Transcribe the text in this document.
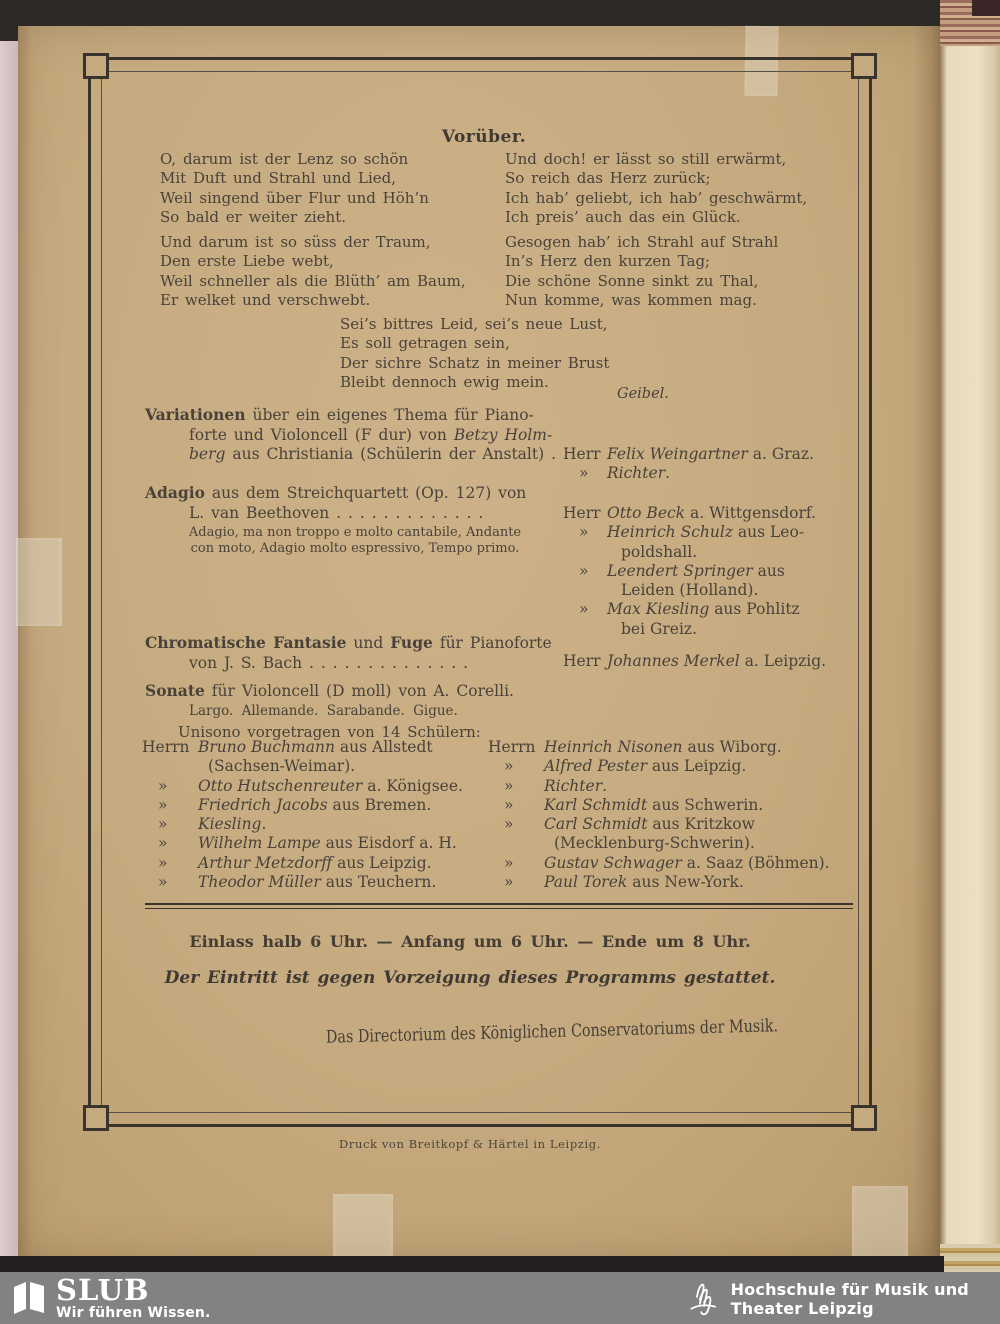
Vorüber.
O, darum ist der Lenz so schön
Mit Duft und Strahl und Lied,
Weil singend über Flur und Höh’n
So bald er weiter zieht.
Und darum ist so süss der Traum,
Den erste Liebe webt,
Weil schneller als die Blüth’ am Baum,
Er welket und verschwebt.
Und doch! er lässt so still erwärmt,
So reich das Herz zurück;
Ich hab’ geliebt, ich hab’ geschwärmt,
Ich preis’ auch das ein Glück.
Gesogen hab’ ich Strahl auf Strahl
In’s Herz den kurzen Tag;
Die schöne Sonne sinkt zu Thal,
Nun komme, was kommen mag.
Sei’s bittres Leid, sei’s neue Lust,
Es soll getragen sein,
Der sichre Schatz in meiner Brust
Bleibt dennoch ewig mein.
Geibel.
Variationen über ein eigenes Thema für Piano-
forte und Violoncell (F dur) von Betzy Holm-
berg aus Christiania (Schülerin der Anstalt) . Herr Felix Weingartner a. Graz.
»	Richter.
Adagio aus dem Streichquartett (Op. 127) von
L. van Beethoven . . . . . . . . . . . . .
Adagio, ma non troppo e molto cantabile, Andante
con moto, Adagio molto espressivo, Tempo primo.
Herr Otto Beck a. Wittgensdorf.
»	Heinrich Schulz aus Leo-
poldshall.
»	Leendert Springer aus
Leiden (Holland).
»	Max Kiesling aus Pohlitz
bei Greiz.
Chromatische Fantasie und Fuge für Pianoforte
von J. S. Bach . . . . . . . . . . . . . .	Herr Johannes Merkel a. Leipzig.
Sonate für Violoncell (D moll) von A. Corelli.
Largo. Allemande. Sarabande. Gigue.
Unisono vorgetragen von 14 Schülern:
Herrn Bruno Buchmann aus Allstedt
(Sachsen-Weimar).
»	Otto Hutschenreuter a. Königsee.
»	Friedrich Jacobs aus Bremen.
»	Kiesling.
»	Wilhelm Lampe aus Eisdorf a. H.
»	Arthur Metzdorff aus Leipzig.
»	Theodor Müller aus Teuchern.
Herrn Heinrich Nisonen aus Wiborg.
»	Alfred Pester aus Leipzig.
»	Richter.
»	Karl Schmidt aus Schwerin.
»	Carl Schmidt aus Kritzkow
(Mecklenburg-Schwerin).
»	Gustav Schwager a. Saaz (Böhmen).
»	Paul Torek aus New-York.
Einlass halb 6 Uhr. — Anfang um 6 Uhr. — Ende um 8 Uhr.
Der Eintritt ist gegen Vorzeigung dieses Programms gestattet.
Das Directorium des Königlichen Conservatoriums der Musik.
Druck von Breitkopf & Härtel in Leipzig.
SLUB
Wir führen Wissen.
Hochschule für Musik und Theater Leipzig
